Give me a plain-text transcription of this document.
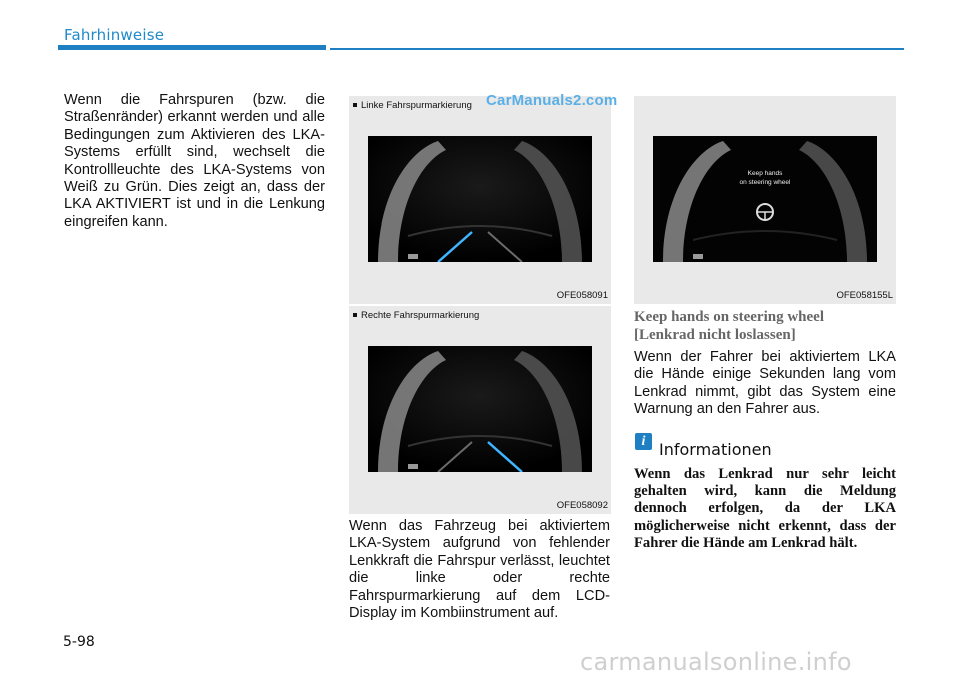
Fahrhinweise
Wenn die Fahrspuren (bzw. die Straßenränder) erkannt werden und alle Bedingungen zum Aktivieren des LKA-Systems erfüllt sind, wechselt die Kontrollleuchte des LKA-Systems von Weiß zu Grün. Dies zeigt an, dass der LKA AKTIVIERT ist und in die Lenkung eingreifen kann.
Linke Fahrspurmarkierung
OFE058091
CarManuals2.com
Rechte Fahrspurmarkierung
OFE058092
Wenn das Fahrzeug bei aktiviertem LKA-System aufgrund von fehlender Lenkkraft die Fahrspur verlässt, leuchtet die linke oder rechte Fahrspurmarkierung auf dem LCD-Display im Kombiinstrument auf.
Keep hands
on steering wheel
OFE058155L
Keep hands on steering wheel
[Lenkrad nicht loslassen]
Wenn der Fahrer bei aktiviertem LKA die Hände einige Sekunden lang vom Lenkrad nimmt, gibt das System eine Warnung an den Fahrer aus.
i Informationen
Wenn das Lenkrad nur sehr leicht gehalten wird, kann die Meldung dennoch erfolgen, da der LKA möglicherweise nicht erkennt, dass der Fahrer die Hände am Lenkrad hält.
5-98
carmanualsonline.info
